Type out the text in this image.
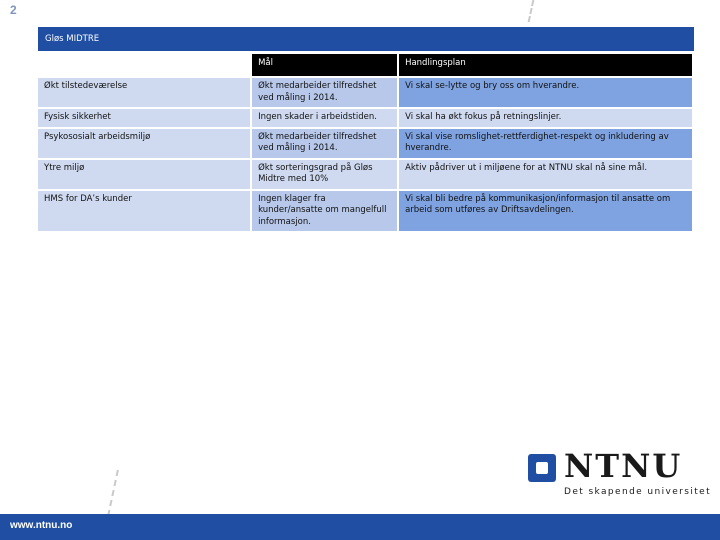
2
Gløs MIDTRE
	Mål	Handlingsplan
Økt tilstedeværelse	Økt medarbeider tilfredshet ved måling i 2014.	Vi skal se-lytte og bry oss om hverandre.
Fysisk sikkerhet	Ingen skader i arbeidstiden.	Vi skal ha økt fokus på retningslinjer.
Psykososialt arbeidsmiljø	Økt medarbeider tilfredshet ved måling i 2014.	Vi skal vise romslighet-rettferdighet-respekt og inkludering av hverandre.
Ytre miljø	Økt sorteringsgrad på Gløs Midtre med 10%	Aktiv pådriver ut i miljøene for at NTNU skal nå sine mål.
HMS for DA’s kunder	Ingen klager fra kunder/ansatte om mangelfull informasjon.	Vi skal bli bedre på kommunikasjon/informasjon til ansatte om arbeid som utføres av Driftsavdelingen.
NTNU
Det skapende universitet
www.ntnu.no
